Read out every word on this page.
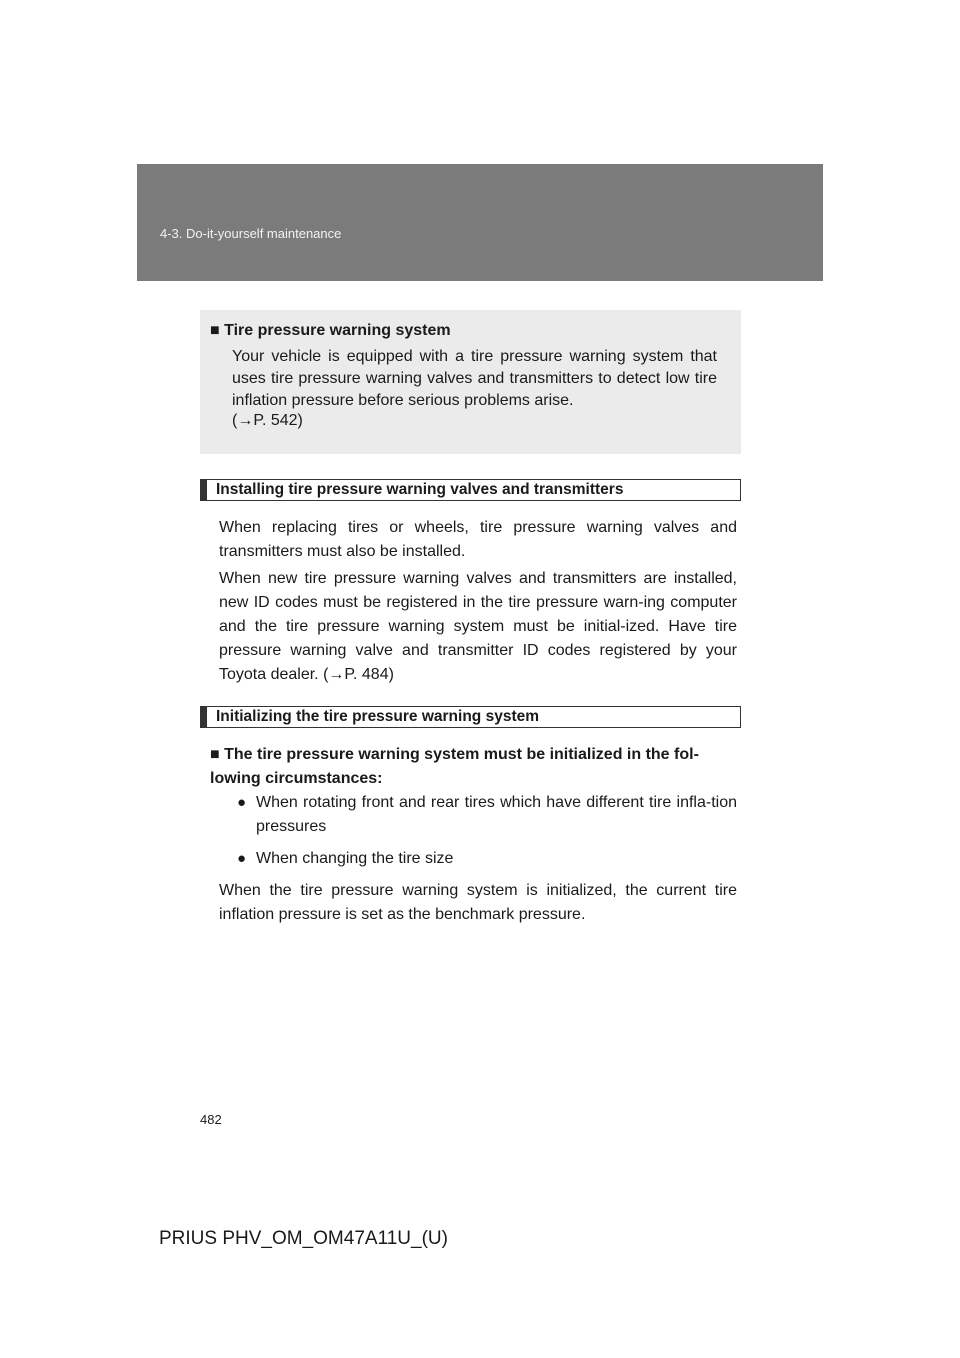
4-3. Do-it-yourself maintenance
■ Tire pressure warning system
Your vehicle is equipped with a tire pressure warning system that uses tire pressure warning valves and transmitters to detect low tire inflation pressure before serious problems arise.
(→P. 542)
Installing tire pressure warning valves and transmitters
When replacing tires or wheels, tire pressure warning valves and transmitters must also be installed.
When new tire pressure warning valves and transmitters are installed, new ID codes must be registered in the tire pressure warn-ing computer and the tire pressure warning system must be initial-ized. Have tire pressure warning valve and transmitter ID codes registered by your Toyota dealer. (→P. 484)
Initializing the tire pressure warning system
■ The tire pressure warning system must be initialized in the fol-lowing circumstances:
● When rotating front and rear tires which have different tire infla-tion pressures
● When changing the tire size
When the tire pressure warning system is initialized, the current tire inflation pressure is set as the benchmark pressure.
482
PRIUS PHV_OM_OM47A11U_(U)
